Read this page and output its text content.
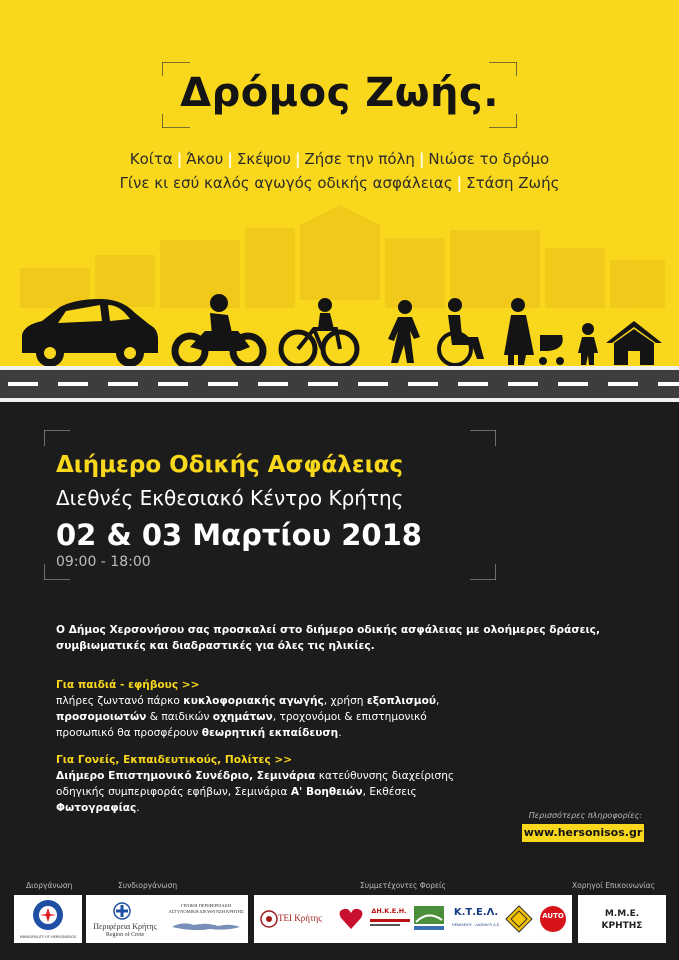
Δρόμος Ζωής.
Κοίτα | Άκου | Σκέψου | Ζήσε την πόλη | Νιώσε το δρόμο
Γίνε κι εσύ καλός αγωγός οδικής ασφάλειας | Στάση Ζωής
Διήμερο Οδικής Ασφάλειας
Διεθνές Εκθεσιακό Κέντρο Κρήτης
02 & 03 Μαρτίου 2018
09:00 - 18:00
Ο Δήμος Χερσονήσου σας προσκαλεί στο διήμερο οδικής ασφάλειας με ολοήμερες δράσεις, συμβιωματικές και διαδραστικές για όλες τις ηλικίες.
Για παιδιά - εφήβους >>
πλήρες ζωντανό πάρκο κυκλοφοριακής αγωγής, χρήση εξοπλισμού,
προσομοιωτών & παιδικών οχημάτων, τροχονόμοι & επιστημονικό
προσωπικό θα προσφέρουν θεωρητική εκπαίδευση.
Για Γονείς, Εκπαιδευτικούς, Πολίτες >>
Διήμερο Επιστημονικό Συνέδριο, Σεμινάρια κατεύθυνσης διαχείρισης
οδηγικής συμπεριφοράς εφήβων, Σεμινάρια Α' Βοηθειών, Εκθέσεις
Φωτογραφίας.
Περισσότερες πληροφορίες:
www.hersonisos.gr
Διοργάνωση	Συνδιοργάνωση	Συμμετέχοντες Φορείς	Χορηγοί Επικοινωνίας
MUNICIPALITY OF HERSONISSOS
Περιφέρεια Κρήτης
Region of Crete
ΓΕΝΙΚΗ ΠΕΡΙΦΕΡΕΙΑΚΗ ΑΣΤΥΝΟΜΙΚΗ ΔΙΕΥΘΥΝΣΗ ΚΡΗΤΗΣ
ΤΕΙ Κρήτης
ΔΗ.Κ.Ε.Η.	Κ.Τ.Ε.Λ.
ΗΡΑΚΛΕΙΟΥ - ΛΑΣΙΘΙΟΥ Α.Ε.
AUTO	Μ.Μ.Ε. ΚΡΗΤΗΣ
